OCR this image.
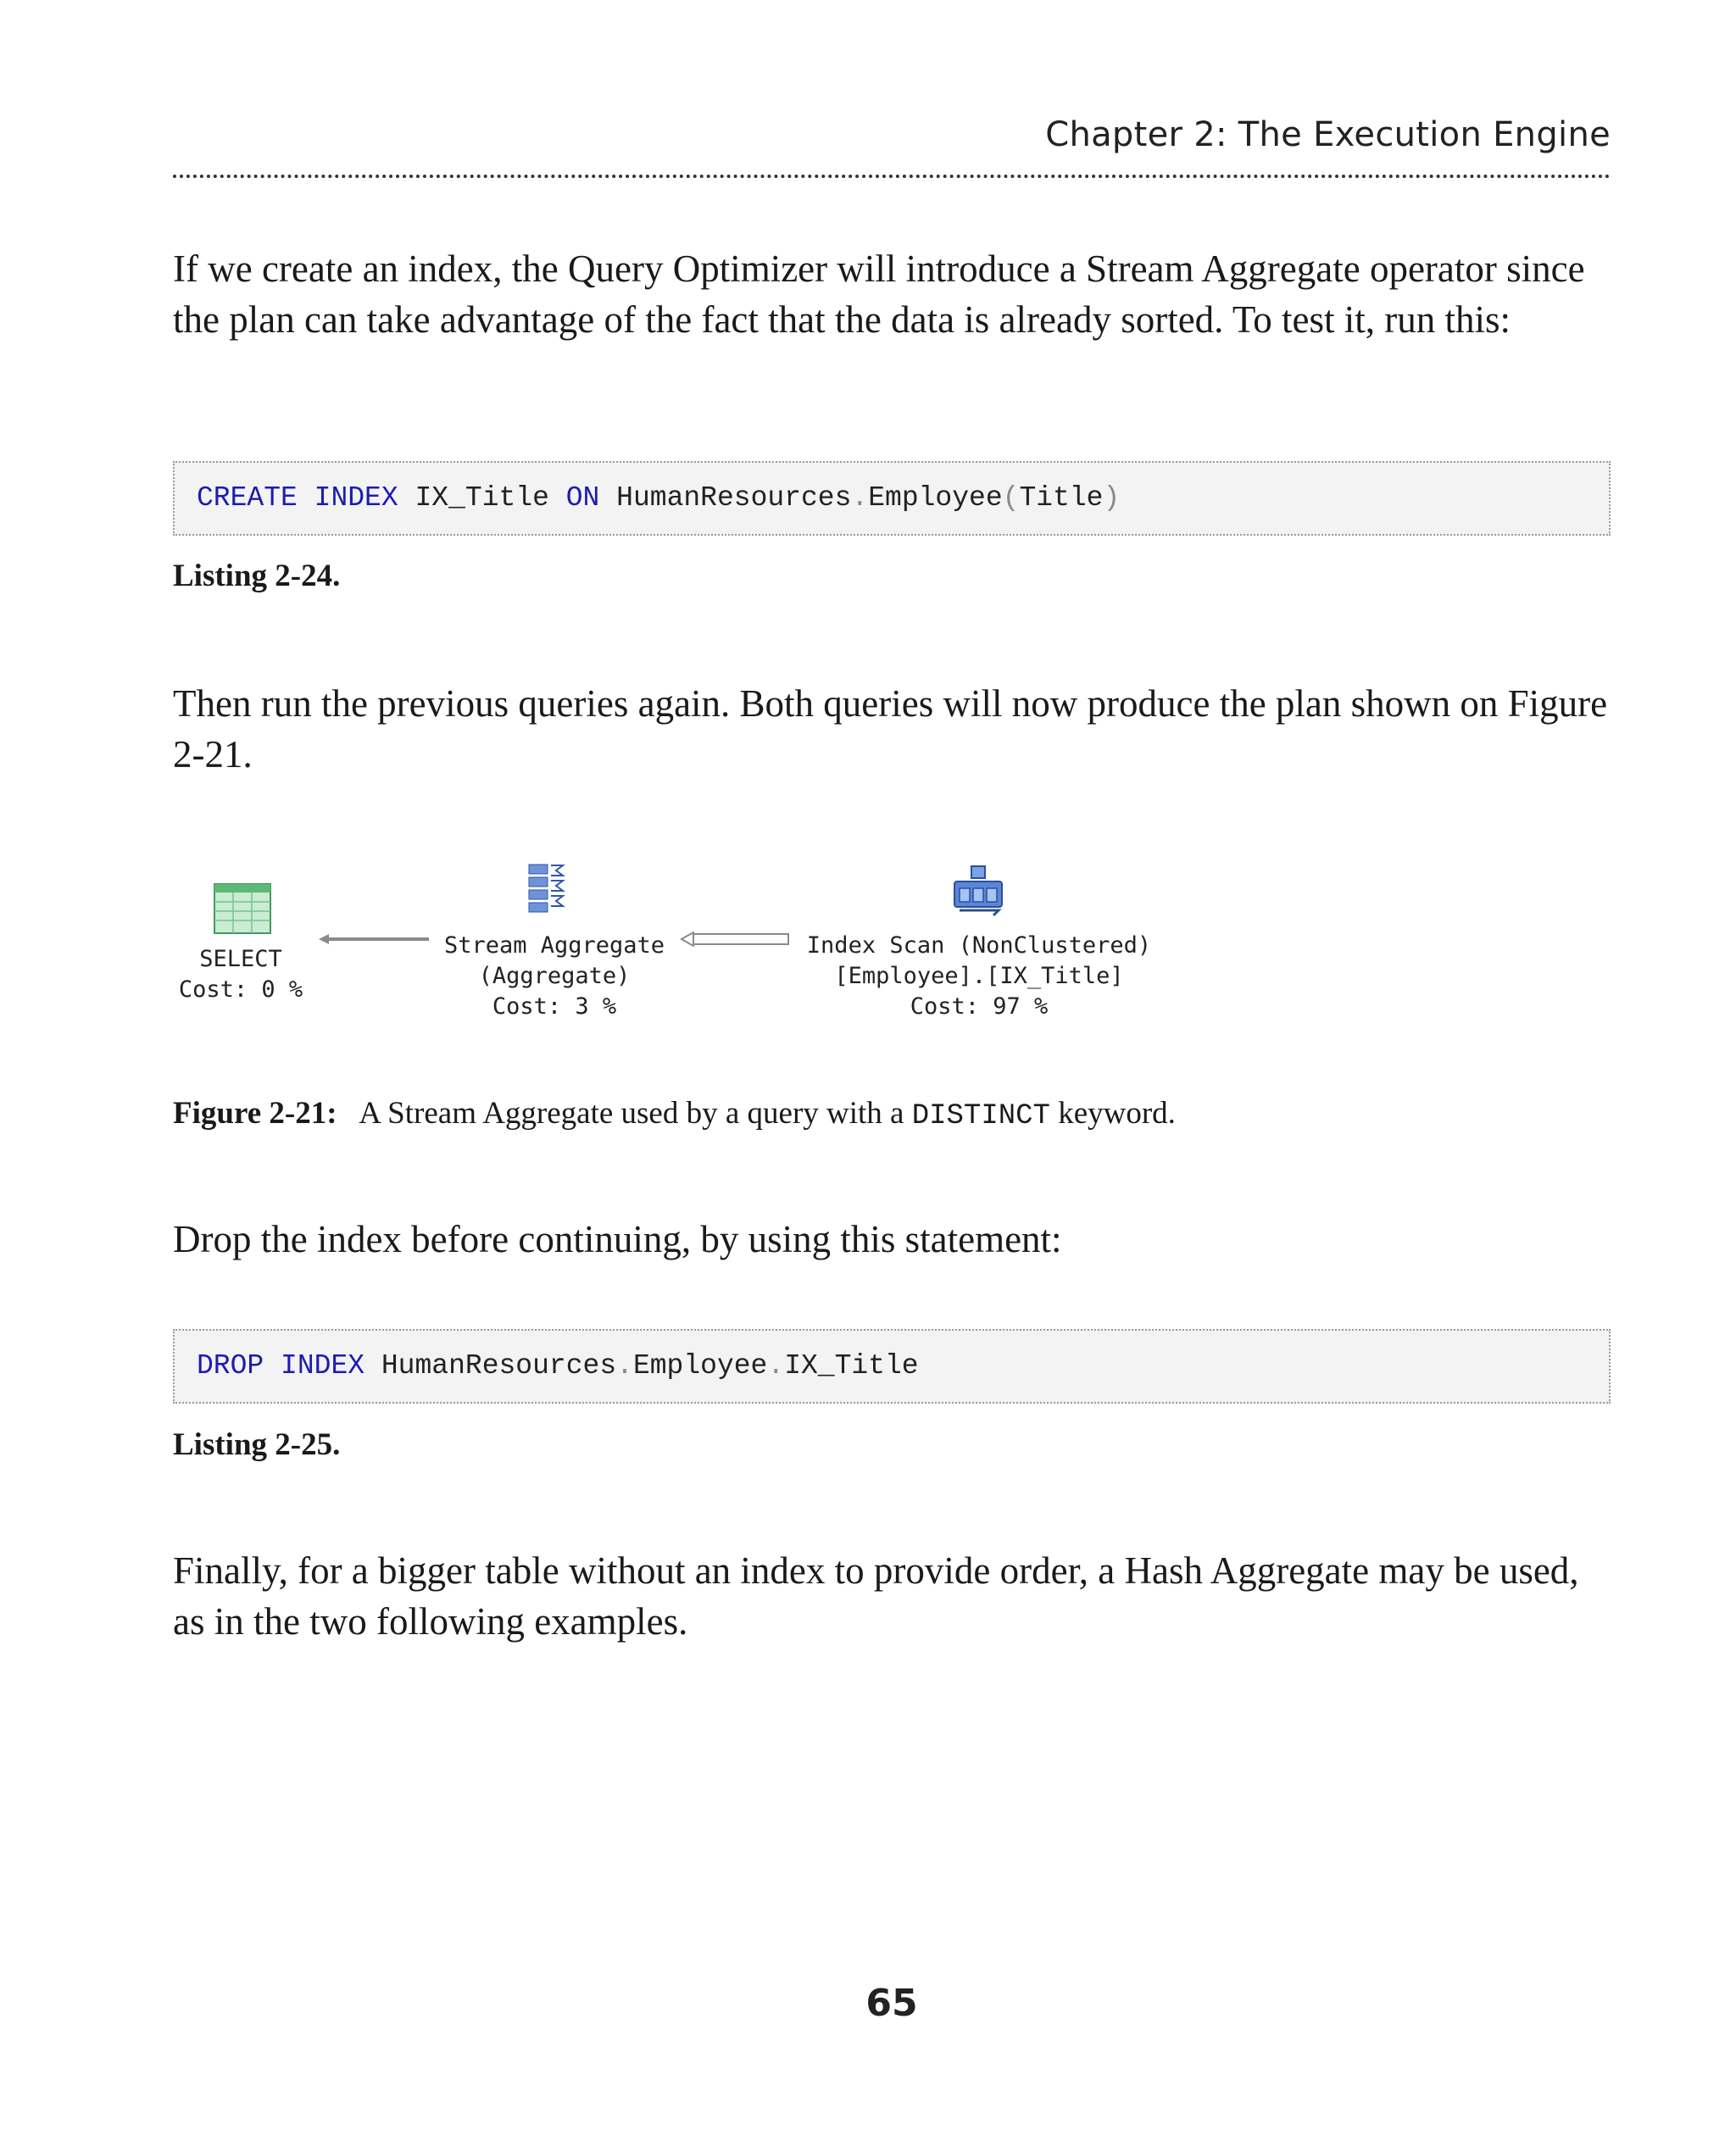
Chapter 2: The Execution Engine

If we create an index, the Query Optimizer will introduce a Stream Aggregate operator since the plan can take advantage of the fact that the data is already sorted. To test it, run this:

CREATE INDEX IX_Title ON HumanResources.Employee(Title)
Listing 2-24.

Then run the previous queries again. Both queries will now produce the plan shown on Figure 2-21.

SELECT
Cost: 0 %
Stream Aggregate
(Aggregate)
Cost: 3 %
Index Scan (NonClustered)
[Employee].[IX_Title]
Cost: 97 %
Figure 2-21: A Stream Aggregate used by a query with a DISTINCT keyword.

Drop the index before continuing, by using this statement:

DROP INDEX HumanResources.Employee.IX_Title
Listing 2-25.

Finally, for a bigger table without an index to provide order, a Hash Aggregate may be used, as in the two following examples.

65
